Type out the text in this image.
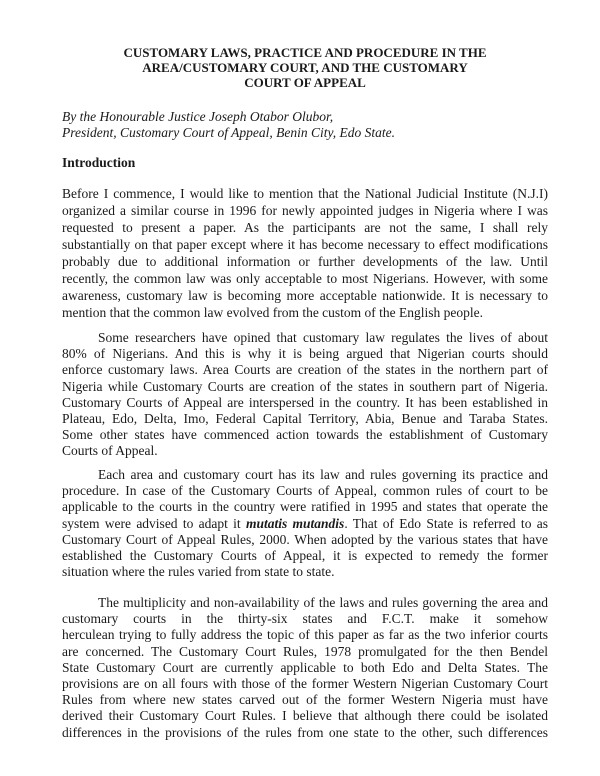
CUSTOMARY LAWS, PRACTICE AND PROCEDURE IN THE
AREA/CUSTOMARY COURT, AND THE CUSTOMARY
COURT OF APPEAL
By the Honourable Justice Joseph Otabor Olubor,
President, Customary Court of Appeal, Benin City, Edo State.
Introduction
Before I commence, I would like to mention that the National Judicial Institute (N.J.I)
organized a similar course in 1996 for newly appointed judges in Nigeria where I was
requested to present a paper. As the participants are not the same, I shall rely
substantially on that paper except where it has become necessary to effect modifications
probably due to additional information or further developments of the law. Until
recently, the common law was only acceptable to most Nigerians. However, with some
awareness, customary law is becoming more acceptable nationwide. It is necessary to
mention that the common law evolved from the custom of the English people.
Some researchers have opined that customary law regulates the lives of about
80% of Nigerians. And this is why it is being argued that Nigerian courts should
enforce customary laws. Area Courts are creation of the states in the northern part of
Nigeria while Customary Courts are creation of the states in southern part of Nigeria.
Customary Courts of Appeal are interspersed in the country. It has been established in
Plateau, Edo, Delta, Imo, Federal Capital Territory, Abia, Benue and Taraba States.
Some other states have commenced action towards the establishment of Customary
Courts of Appeal.
Each area and customary court has its law and rules governing its practice and
procedure. In case of the Customary Courts of Appeal, common rules of court to be
applicable to the courts in the country were ratified in 1995 and states that operate the
system were advised to adapt it mutatis mutandis. That of Edo State is referred to as
Customary Court of Appeal Rules, 2000. When adopted by the various states that have
established the Customary Courts of Appeal, it is expected to remedy the former
situation where the rules varied from state to state.
The multiplicity and non-availability of the laws and rules governing the area and
customary courts in the thirty-six states and F.C.T. make it somehow
herculean trying to fully address the topic of this paper as far as the two inferior courts
are concerned. The Customary Court Rules, 1978 promulgated for the then Bendel
State Customary Court are currently applicable to both Edo and Delta States. The
provisions are on all fours with those of the former Western Nigerian Customary Court
Rules from where new states carved out of the former Western Nigeria must have
derived their Customary Court Rules. I believe that although there could be isolated
differences in the provisions of the rules from one state to the other, such differences
